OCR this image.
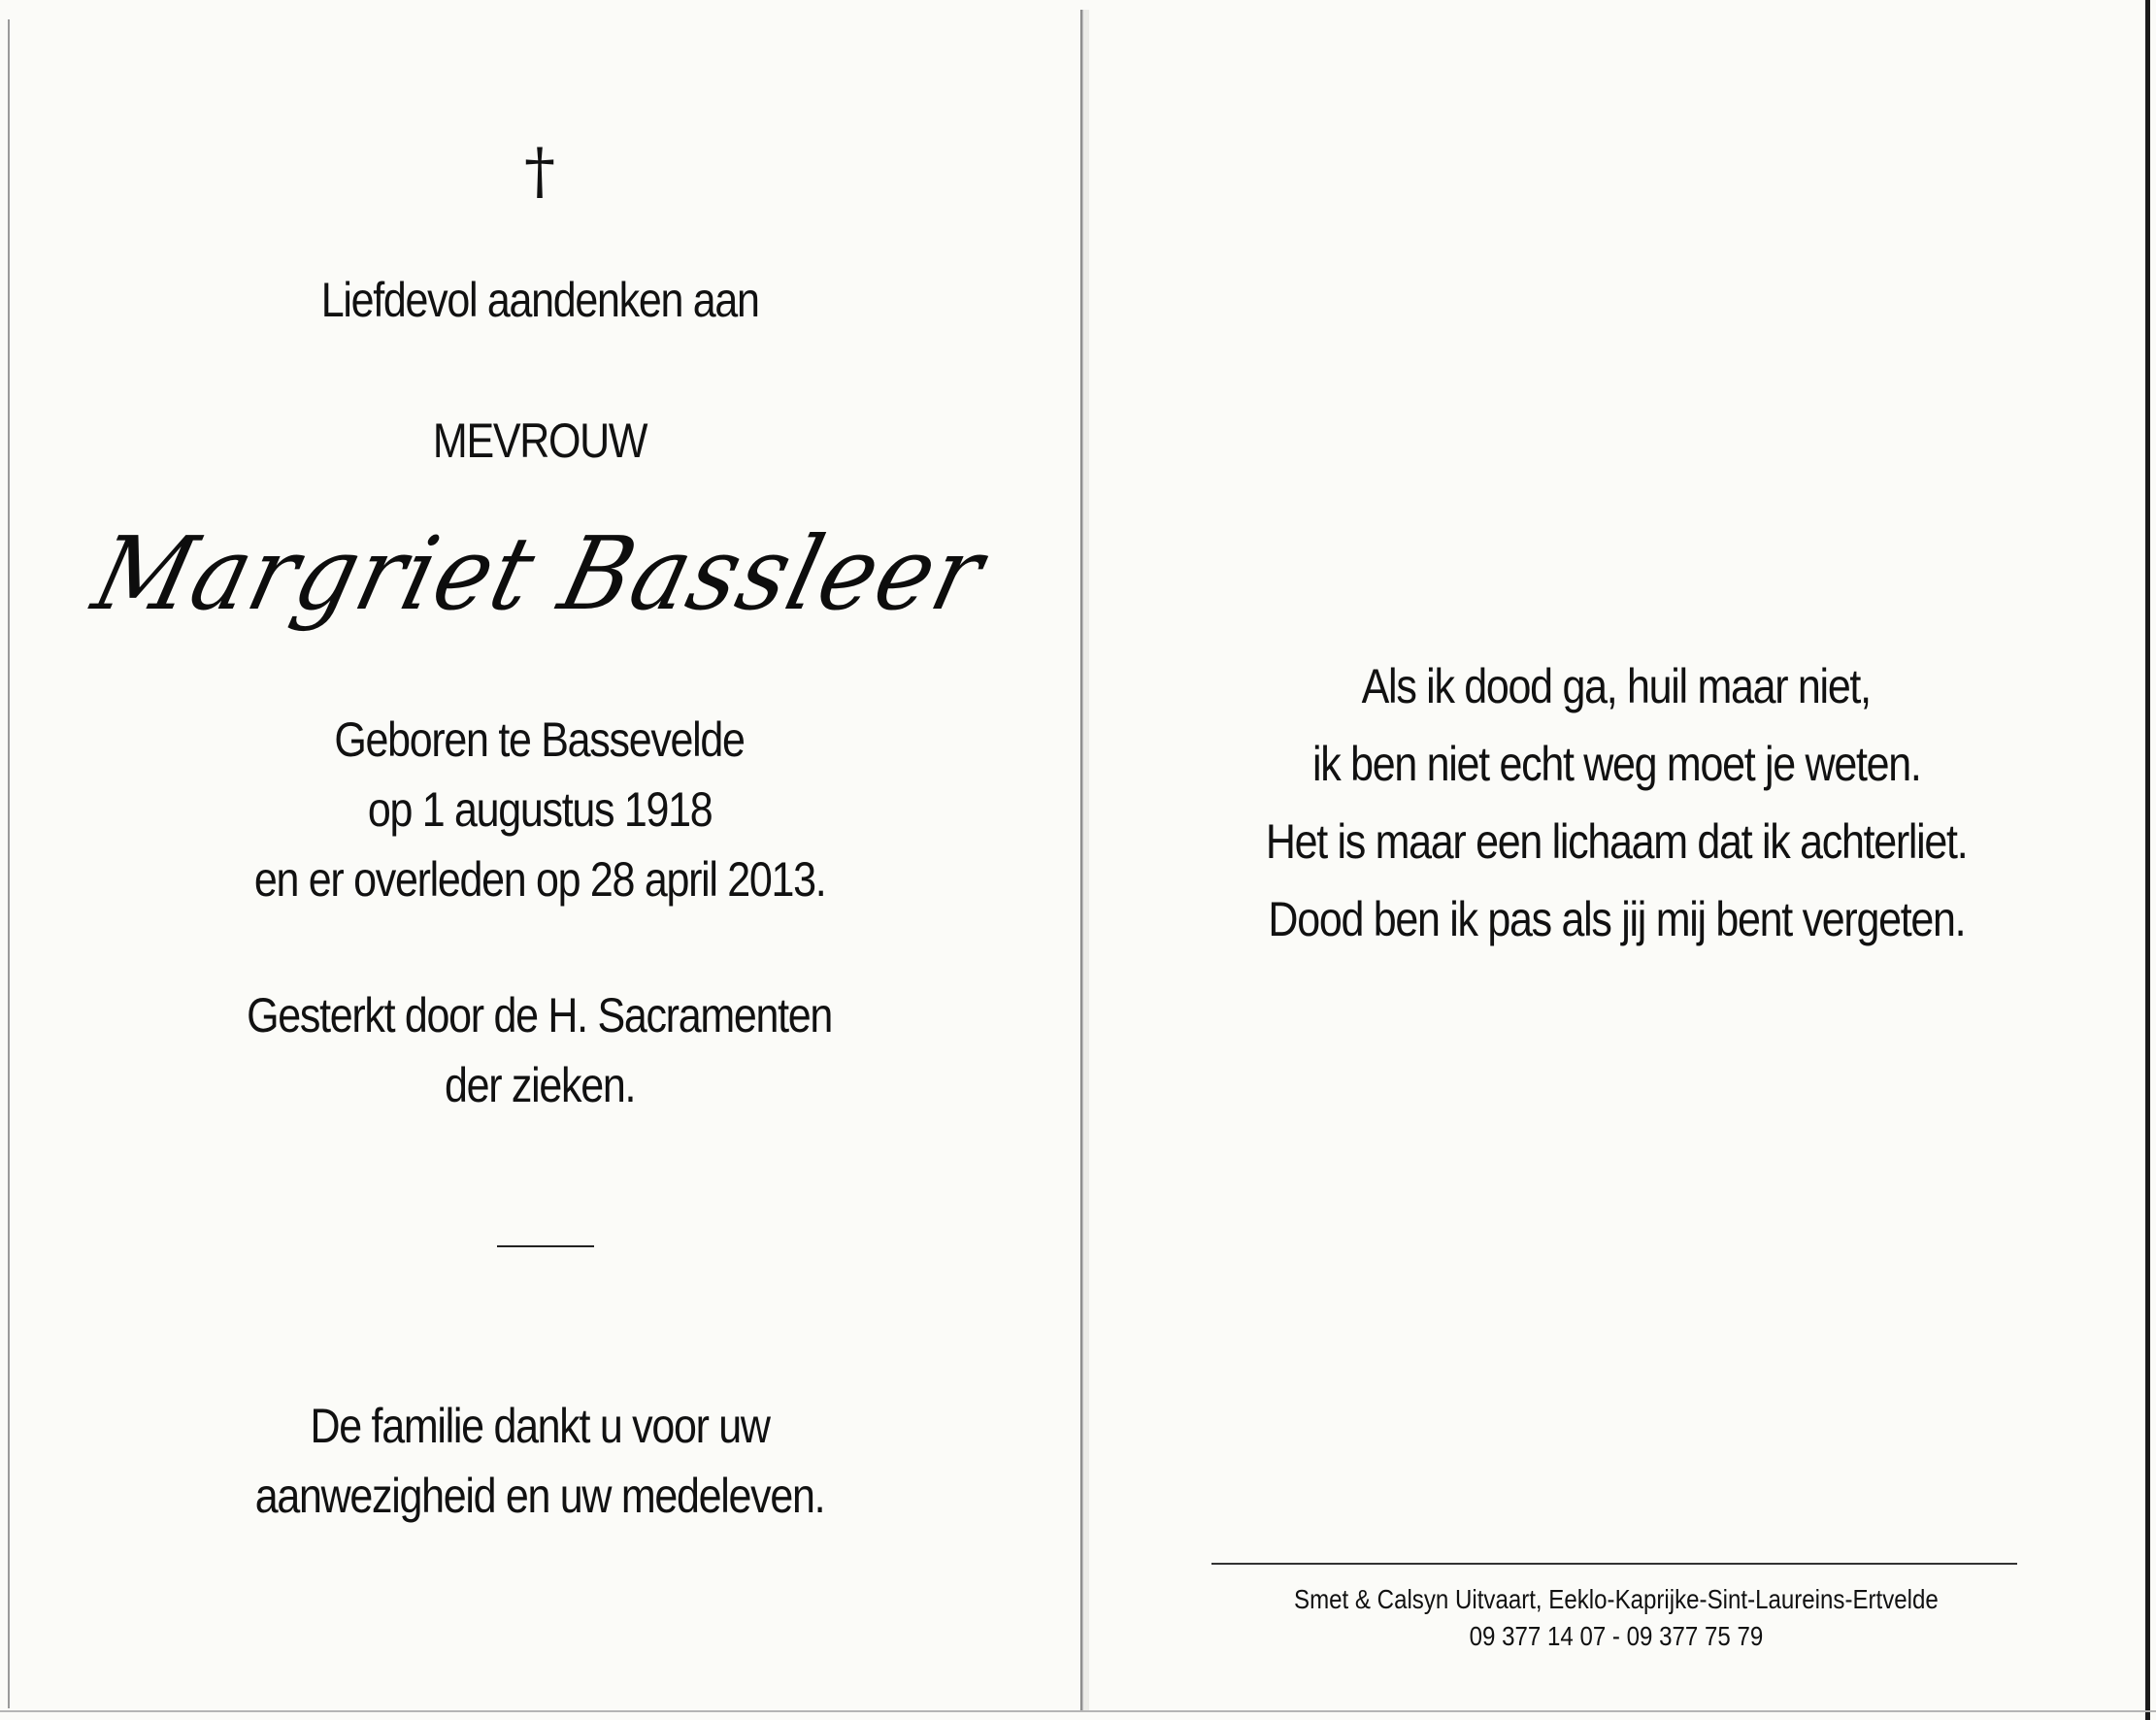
†
Liefdevol aandenken aan
MEVROUW
Margriet Bassleer
Geboren te Bassevelde
op 1 augustus 1918
en er overleden op 28 april 2013.
Gesterkt door de H. Sacramenten
der zieken.
De familie dankt u voor uw
aanwezigheid en uw medeleven.
Als ik dood ga, huil maar niet,
ik ben niet echt weg moet je weten.
Het is maar een lichaam dat ik achterliet.
Dood ben ik pas als jij mij bent vergeten.
Smet & Calsyn Uitvaart, Eeklo-Kaprijke-Sint-Laureins-Ertvelde
09 377 14 07 - 09 377 75 79
